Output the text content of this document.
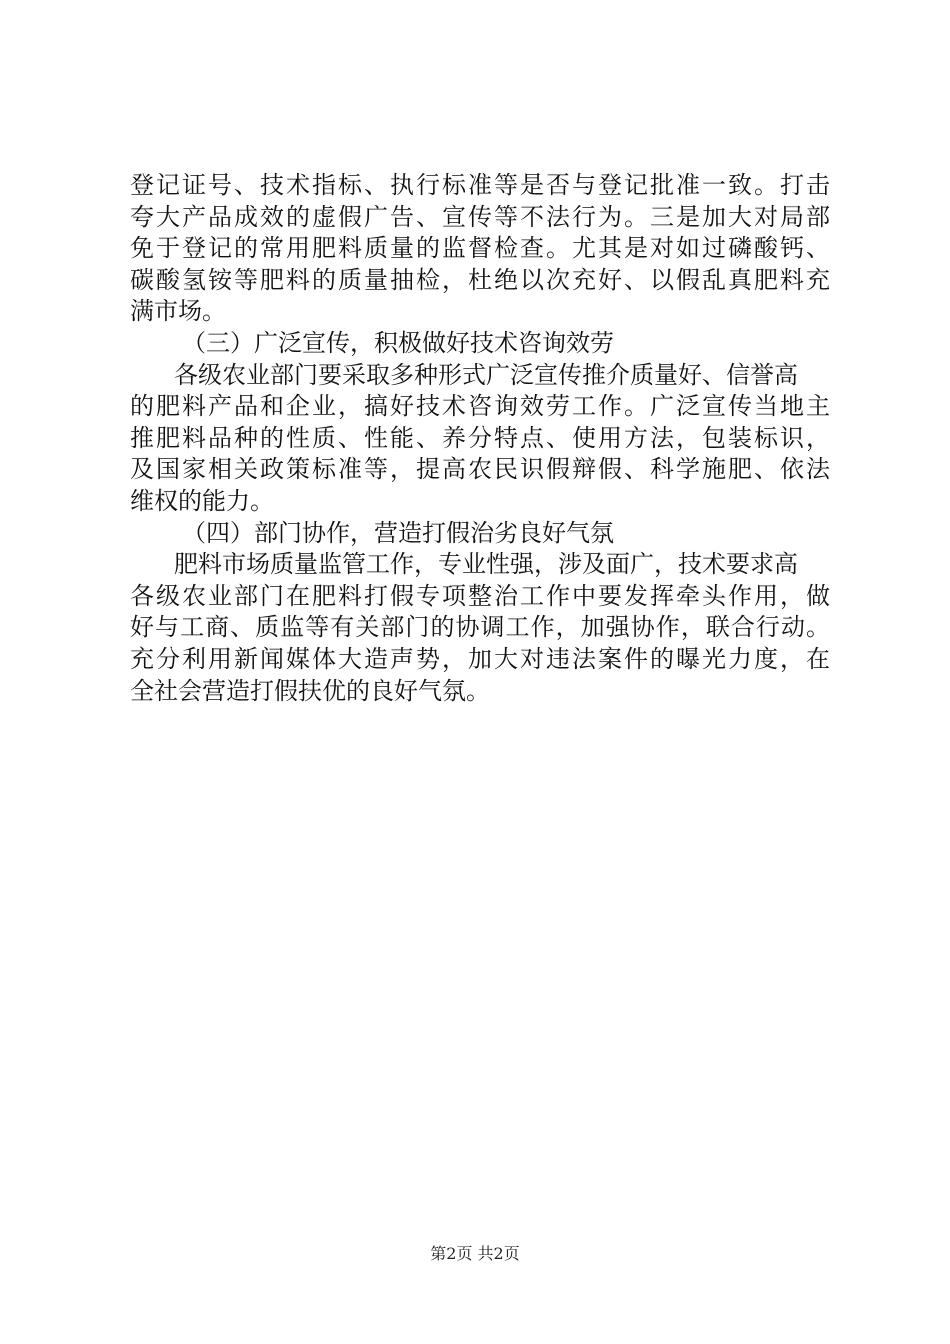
登记证号、技术指标、执行标准等是否与登记批准一致。打击
夸大产品成效的虚假广告、宣传等不法行为。三是加大对局部
免于登记的常用肥料质量的监督检查。尤其是对如过磷酸钙、
碳酸氢铵等肥料的质量抽检，杜绝以次充好、以假乱真肥料充
满市场。
（三）广泛宣传，积极做好技术咨询效劳
各级农业部门要采取多种形式广泛宣传推介质量好、信誉高
的肥料产品和企业，搞好技术咨询效劳工作。广泛宣传当地主
推肥料品种的性质、性能、养分特点、使用方法，包装标识，
及国家相关政策标准等，提高农民识假辩假、科学施肥、依法
维权的能力。
（四）部门协作，营造打假治劣良好气氛
肥料市场质量监管工作，专业性强，涉及面广，技术要求高
各级农业部门在肥料打假专项整治工作中要发挥牵头作用，做
好与工商、质监等有关部门的协调工作，加强协作，联合行动。
充分利用新闻媒体大造声势，加大对违法案件的曝光力度，在
全社会营造打假扶优的良好气氛。
第2页 共2页
